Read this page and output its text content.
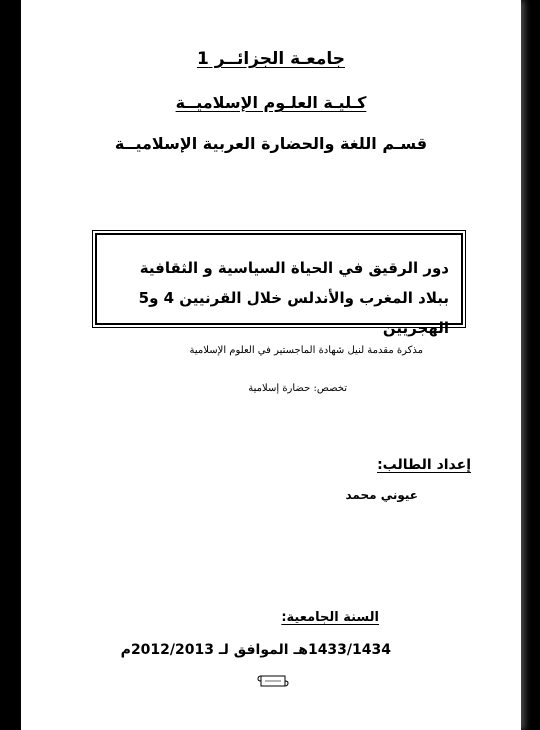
جامعـة الجزائــر 1
كـليـة العلـوم الإسلاميــة
قسـم اللغة والحضارة العربية الإسلاميــة
دور الرقيق في الحياة السياسية و الثقافية ببلاد المغرب والأندلس خلال القرنيين 4 و5 الهجريين
مذكرة مقدمة لنيل شهادة الماجستير في العلوم الإسلامية
تخصص: حضارة إسلامية
إعداد الطالب:
عيوني محمد
السنة الجامعية:
1433/1434هـ الموافق لـ 2012/2013م
